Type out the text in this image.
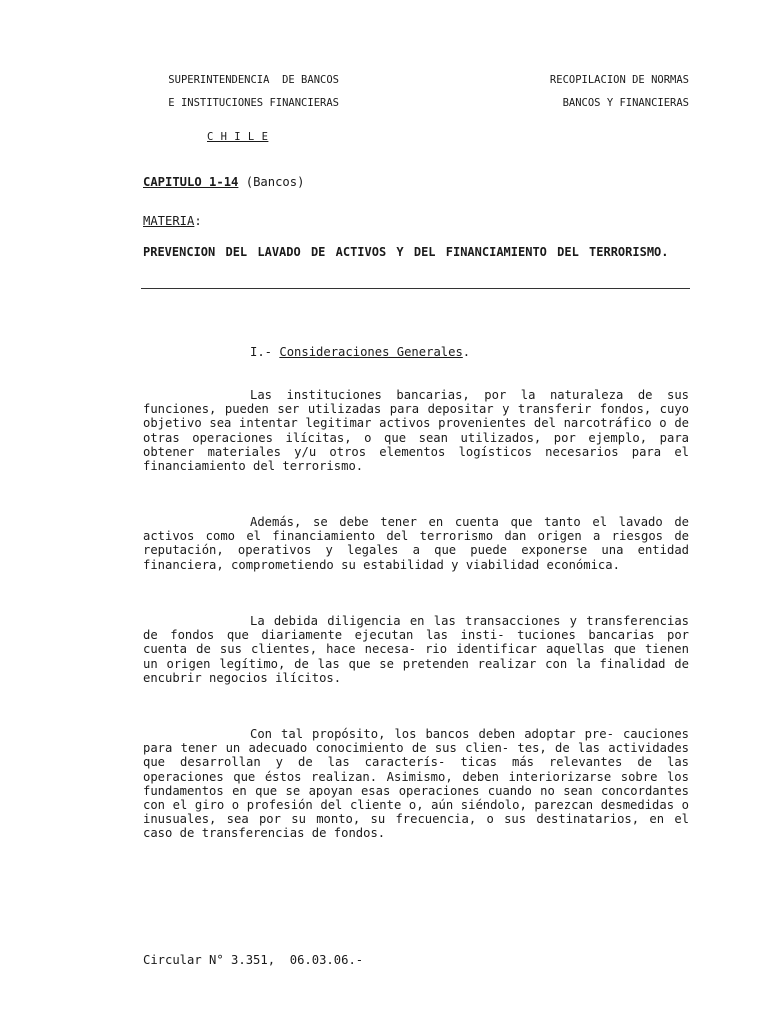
SUPERINTENDENCIA  DE BANCOS

E INSTITUCIONES FINANCIERAS

C H I L E

RECOPILACION DE NORMAS

BANCOS Y FINANCIERAS

CAPITULO 1-14 (Bancos)
MATERIA:
PREVENCION DEL LAVADO DE ACTIVOS Y DEL FINANCIAMIENTO DEL TERRORISMO.
I.- Consideraciones Generales.

Las instituciones bancarias, por la naturaleza de sus funciones, pueden ser utilizadas para depositar y transferir fondos, cuyo objetivo sea intentar legitimar activos provenientes del narcotráfico o de otras operaciones ilícitas, o que sean utilizados, por ejemplo, para obtener materiales y/u otros elementos logísticos necesarios para el financiamiento del terrorismo.

Además, se debe tener en cuenta que tanto el lavado de activos como el financiamiento del terrorismo dan origen a riesgos de reputación, operativos y legales a que puede exponerse una entidad financiera, comprometiendo su estabilidad y viabilidad económica.

La debida diligencia en las transacciones y transferencias de fondos que diariamente ejecutan las insti- tuciones bancarias por cuenta de sus clientes, hace necesa- rio identificar aquellas que tienen un origen legítimo, de las que se pretenden realizar con la finalidad de encubrir negocios ilícitos.

Con tal propósito, los bancos deben adoptar pre- cauciones para tener un adecuado conocimiento de sus clien- tes, de las actividades que desarrollan y de las caracterís- ticas más relevantes de las operaciones que éstos realizan. Asimismo, deben interiorizarse sobre los fundamentos en que se apoyan esas operaciones cuando no sean concordantes con el giro o profesión del cliente o, aún siéndolo, parezcan desmedidas o inusuales, sea por su monto, su frecuencia, o sus destinatarios, en el caso de transferencias de fondos.

Circular N° 3.351,  06.03.06.-
